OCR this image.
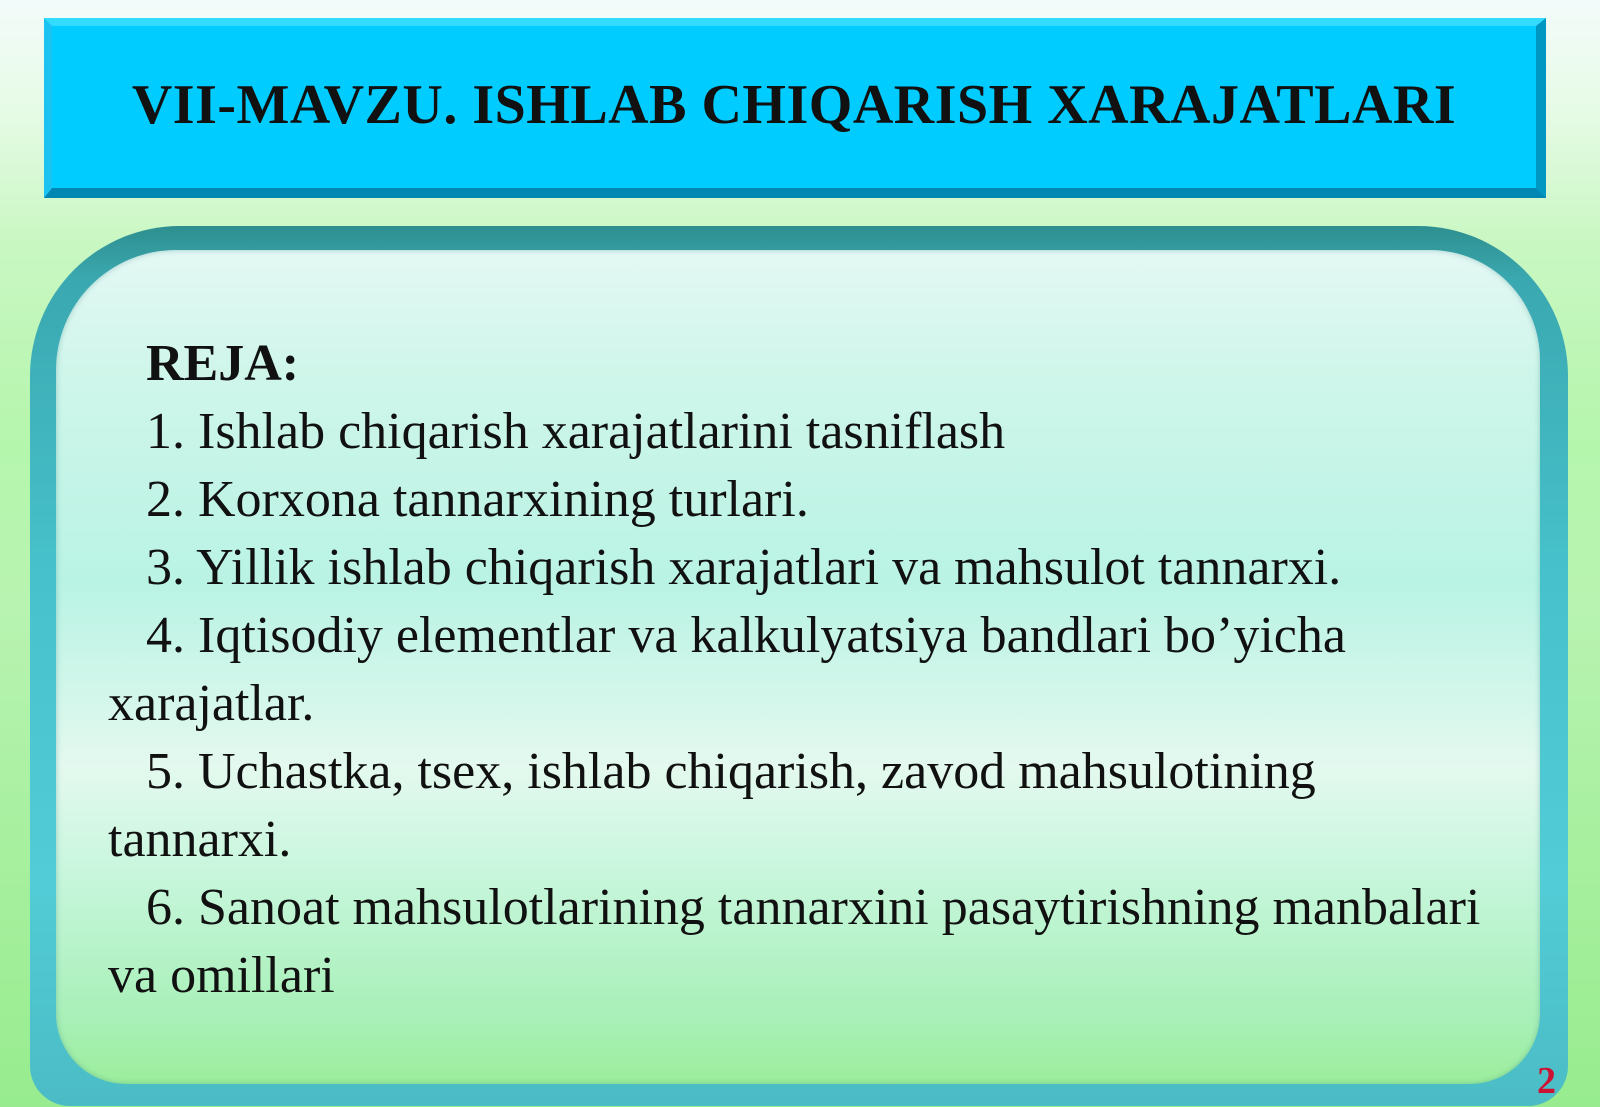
VII-MAVZU. ISHLAB CHIQARISH XARAJATLARI

REJA:

1. Ishlab chiqarish xarajatlarini tasniflash

2. Korxona tannarxining turlari.

3. Yillik ishlab chiqarish xarajatlari va mahsulot tannarxi.

4. Iqtisodiy elementlar va kalkulyatsiya bandlari bo’yicha xarajatlar.

5. Uchastka, tsex, ishlab chiqarish, zavod mahsulotining tannarxi.

6. Sanoat mahsulotlarining tannarxini pasaytirishning manbalari va omillari

2
